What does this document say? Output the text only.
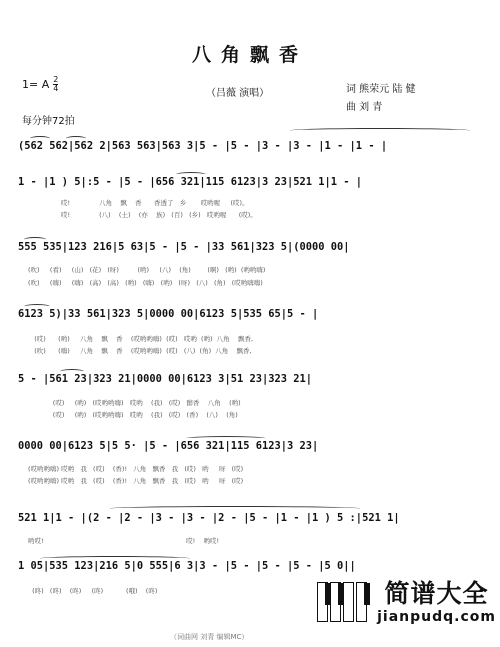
八角飘香
1= A $\frac{2}{4}$
（吕薇 演唱）	词 熊荣元 陆 健
曲 刘 青
每分钟72拍
(562 562|562 2|563 563|563 3|5 - |5 - |3 - |3 - |1 - |1 - |
1 - |1 ) 5|:5 - |5 - |656 321|115 6123|3 23|521 1|1 - |
哎!              八角    飘    香      香透了   乡       哎哟喔     (哎)。
哎!              (八)    (土)    (亦    族)   (百)   (乡)   哎哟喔      (哎)。
555 535|123 216|5 63|5 - |5 - |33 561|323 5|(0000 00|
(吹)     (看)     (山)   (花)   (呀)         (哟)     (八)    (角)        (啊)   (哟)  (哟哟嗨)
(吹)     (嗨)     (嗨)   (高)   (高)   (哟)   (嗨)   (哟)   (呀)   (八)   (角)   (哎哟嗨嗨)
6123 5)|33 561|323 5|0000 00|6123 5|535 65|5 - |
(哎)      (哟)     八角    飘    香    (哎哟哟嗨)  (哎)   哎哟  (哟)  八角    飘香,
(吹)      (嗨)     八角    飘    香    (哎哟哟嗨)  (哎)   (八)  (角)  八角    飘香,
5 - |561 23|323 21|0000 00|6123 3|51 23|323 21|
(哎)     (哟)   (哎哟哟嗨)   哎哟    (我)   (哎)   醉香    八角    (哟)
(哎)     (哟)   (哎哟哟嗨)   哎哟    (我)   (哎)   (香)    (八)    (角)
0000 00|6123 5|5 5· |5 - |656 321|115 6123|3 23|
(哎哟哟嗨) 哎哟   我   (哎)    (香)!   八角   飘香   我   (哎)   哟     呀   (哎)
(哎哟哟嗨) 哎哟   我   (哎)    (香)!   八角   飘香   我   (哎)   哟     呀   (哎)
521 1|1 - |(2 - |2 - |3 - |3 - |2 - |5 - |1 - |1 ) 5 :|521 1|
哟哎!                                                                     哎!    哟哎!
1 05|535 123|216 5|0 555|6 3|3 - |5 - |5 - |5 - |5 0||
(咚)   (咚)    (咚)     (咚)           (哦)    (咚)	简谱大全
jianpudq.com
（词曲网 刘青 编辑MC）
